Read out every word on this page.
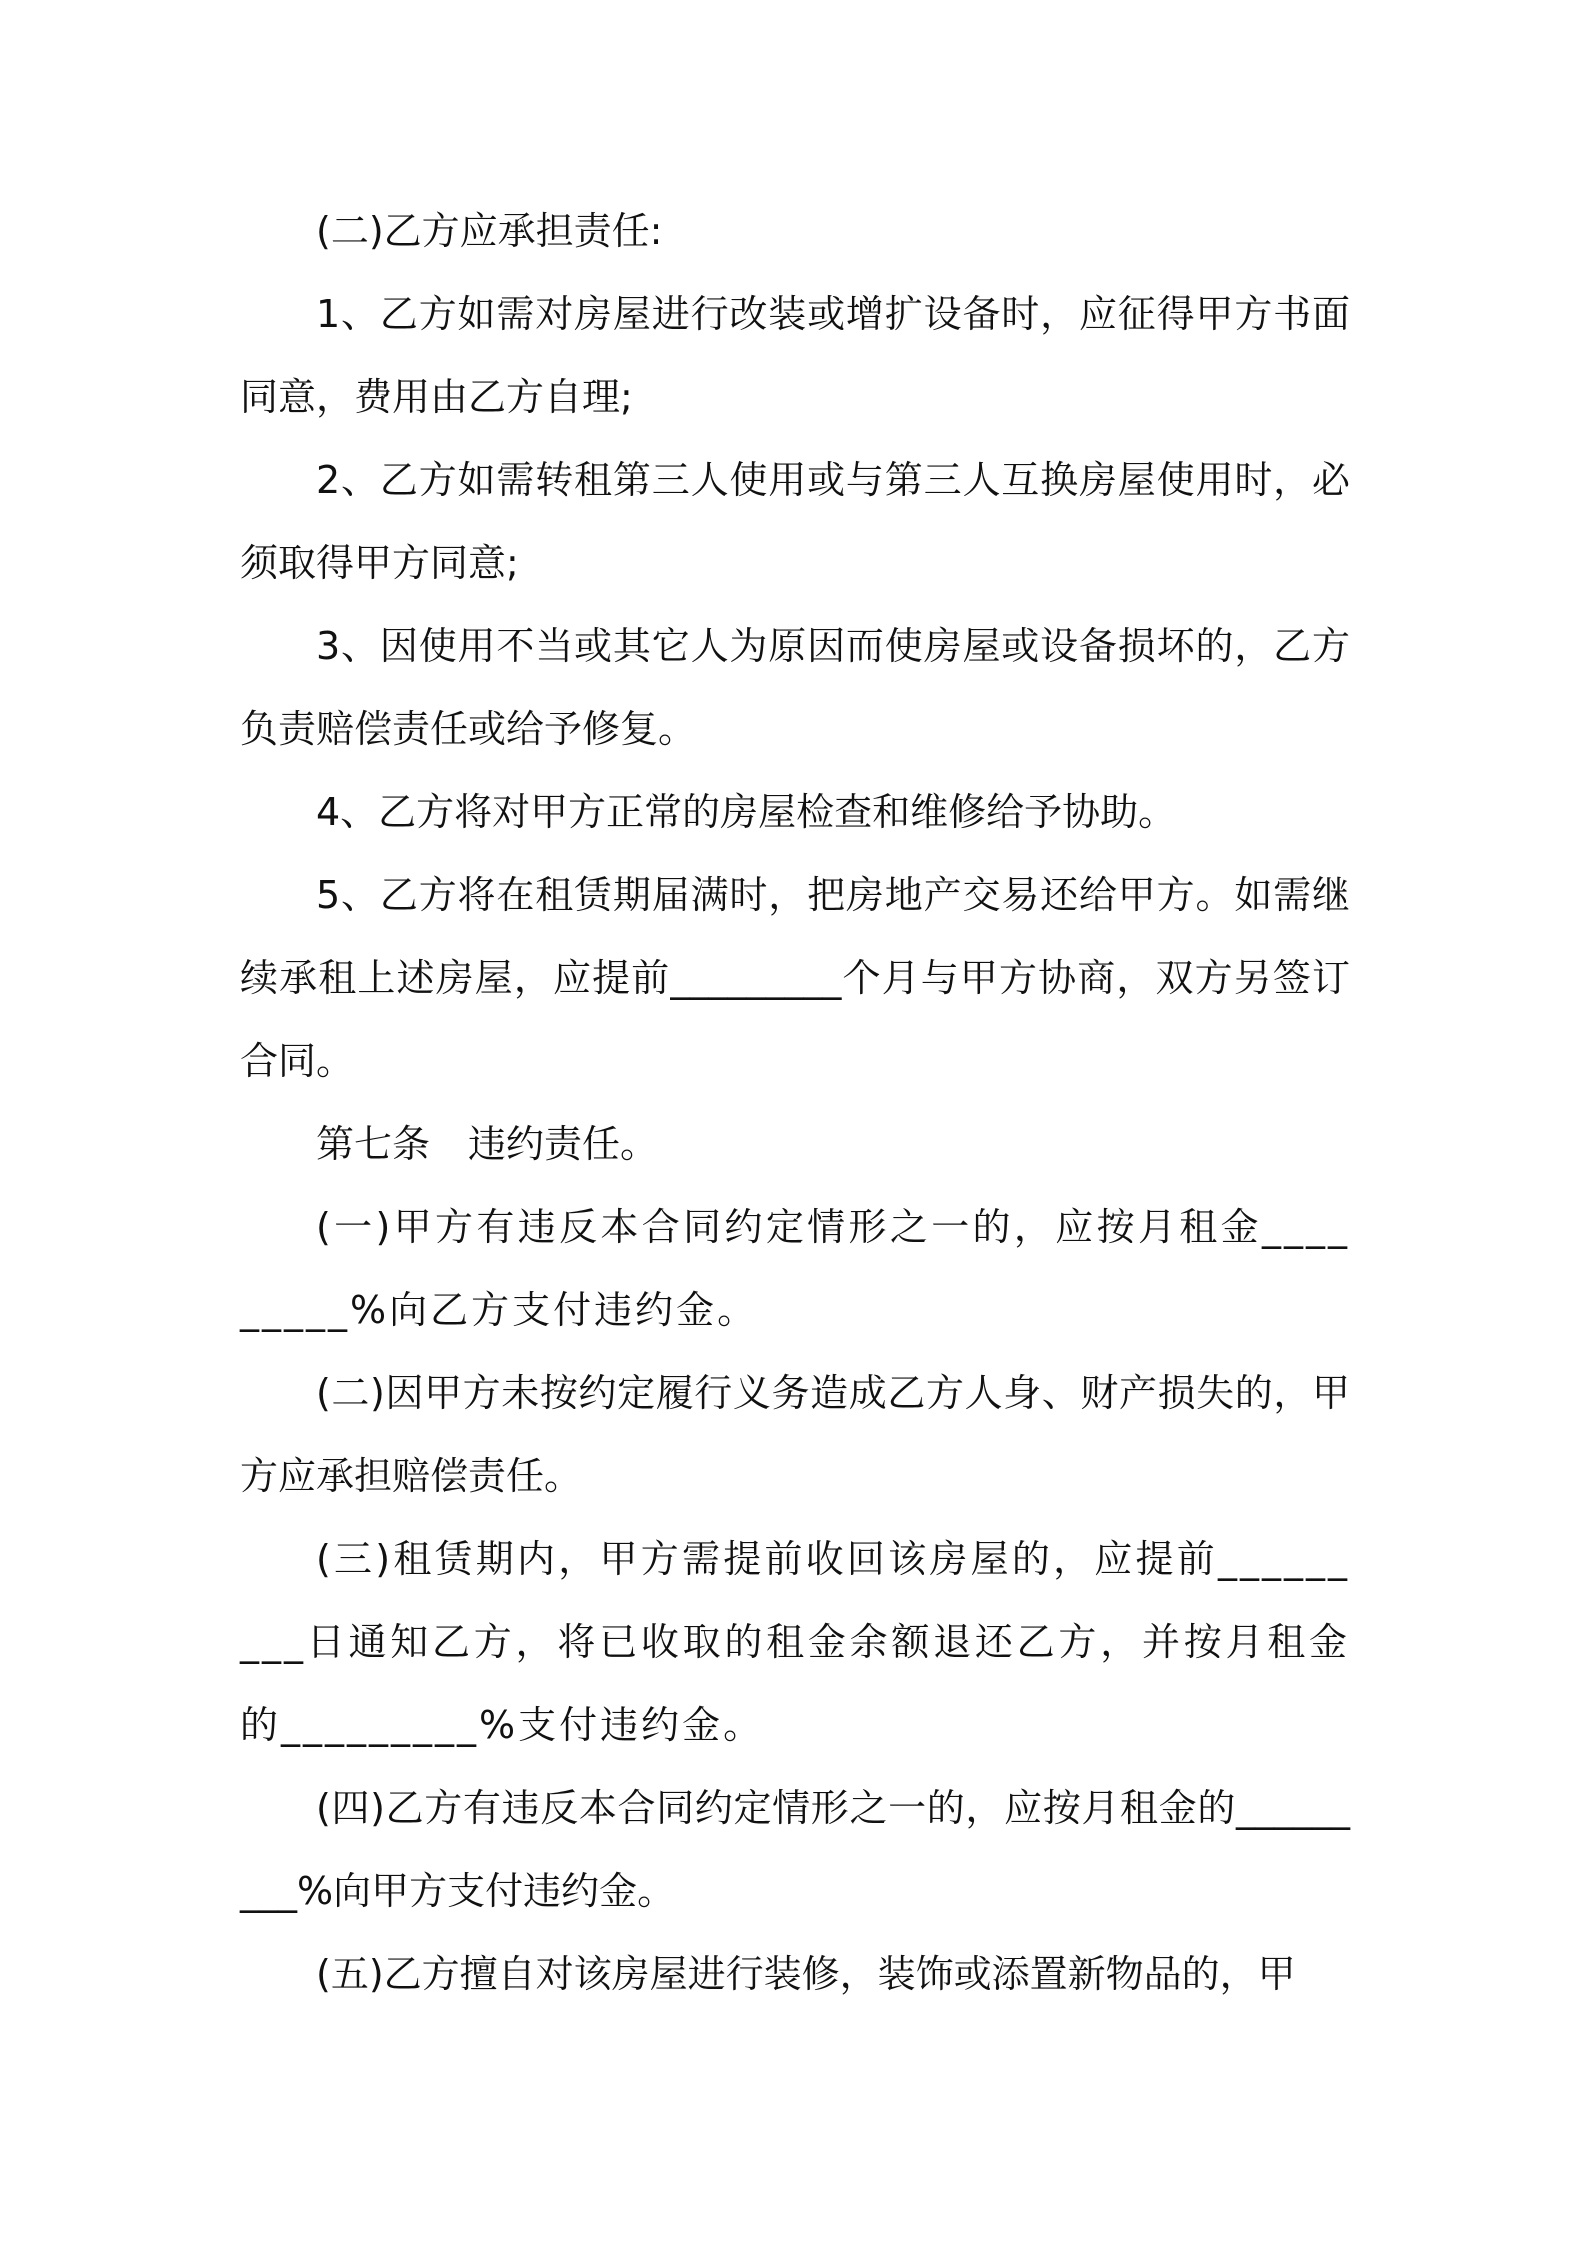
(二)乙方应承担责任:

1、乙方如需对房屋进行改装或增扩设备时，应征得甲方书面同意，费用由乙方自理;

2、乙方如需转租第三人使用或与第三人互换房屋使用时，必须取得甲方同意;

3、因使用不当或其它人为原因而使房屋或设备损坏的，乙方负责赔偿责任或给予修复。

4、乙方将对甲方正常的房屋检查和维修给予协助。

5、乙方将在租赁期届满时，把房地产交易还给甲方。如需继续承租上述房屋，应提前_________个月与甲方协商，双方另签订合同。

第七条　违约责任。

(一)甲方有违反本合同约定情形之一的，应按月租金_________%向乙方支付违约金。

(二)因甲方未按约定履行义务造成乙方人身、财产损失的，甲方应承担赔偿责任。

(三)租赁期内，甲方需提前收回该房屋的，应提前_________日通知乙方，将已收取的租金余额退还乙方，并按月租金的_________%支付违约金。

(四)乙方有违反本合同约定情形之一的，应按月租金的_________%向甲方支付违约金。

(五)乙方擅自对该房屋进行装修，装饰或添置新物品的，甲
